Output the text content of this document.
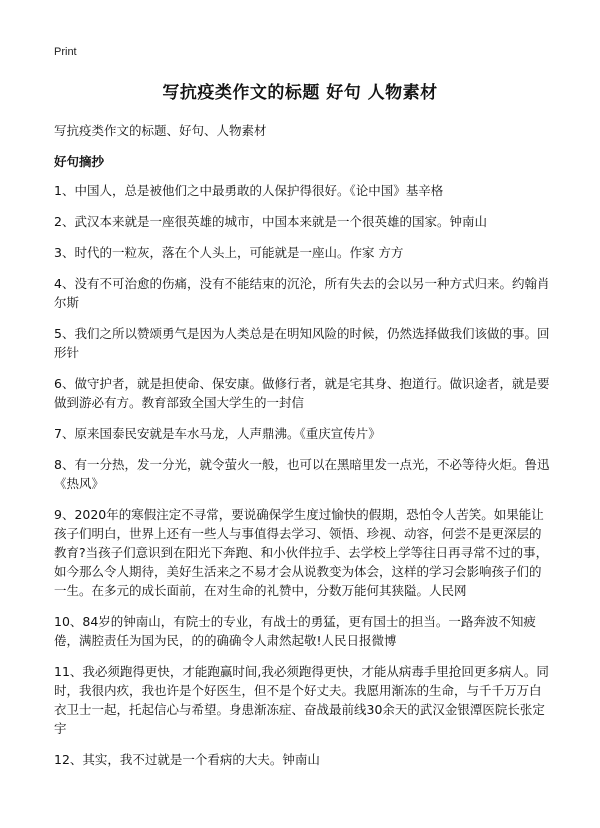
Print
写抗疫类作文的标题 好句 人物素材

写抗疫类作文的标题、好句、人物素材

好句摘抄
1、中国人，总是被他们之中最勇敢的人保护得很好。《论中国》基辛格
2、武汉本来就是一座很英雄的城市，中国本来就是一个很英雄的国家。钟南山
3、时代的一粒灰，落在个人头上，可能就是一座山。作家 方方
4、没有不可治愈的伤痛，没有不能结束的沉沦，所有失去的会以另一种方式归来。约翰肖尔斯
5、我们之所以赞颂勇气是因为人类总是在明知风险的时候，仍然选择做我们该做的事。回形针
6、做守护者，就是担使命、保安康。做修行者，就是宅其身、抱道行。做识途者，就是要做到游必有方。教育部致全国大学生的一封信
7、原来国泰民安就是车水马龙，人声鼎沸。《重庆宣传片》
8、有一分热，发一分光，就令萤火一般，也可以在黑暗里发一点光，不必等待火炬。鲁迅《热风》
9、2020年的寒假注定不寻常，要说确保学生度过愉快的假期，恐怕令人苦笑。如果能让孩子们明白，世界上还有一些人与事值得去学习、领悟、珍视、动容，何尝不是更深层的教育?当孩子们意识到在阳光下奔跑、和小伙伴拉手、去学校上学等往日再寻常不过的事，如今那么令人期待，美好生活来之不易才会从说教变为体会，这样的学习会影响孩子们的一生。在多元的成长面前，在对生命的礼赞中，分数万能何其狭隘。人民网
10、84岁的钟南山，有院士的专业，有战士的勇猛，更有国士的担当。一路奔波不知疲倦，满腔责任为国为民，的的确确令人肃然起敬!人民日报微博
11、我必须跑得更快，才能跑赢时间,我必须跑得更快，才能从病毒手里抢回更多病人。同时，我很内疚，我也许是个好医生，但不是个好丈夫。我愿用渐冻的生命，与千千万万白衣卫士一起，托起信心与希望。身患渐冻症、奋战最前线30余天的武汉金银潭医院长张定宇
12、其实，我不过就是一个看病的大夫。钟南山
